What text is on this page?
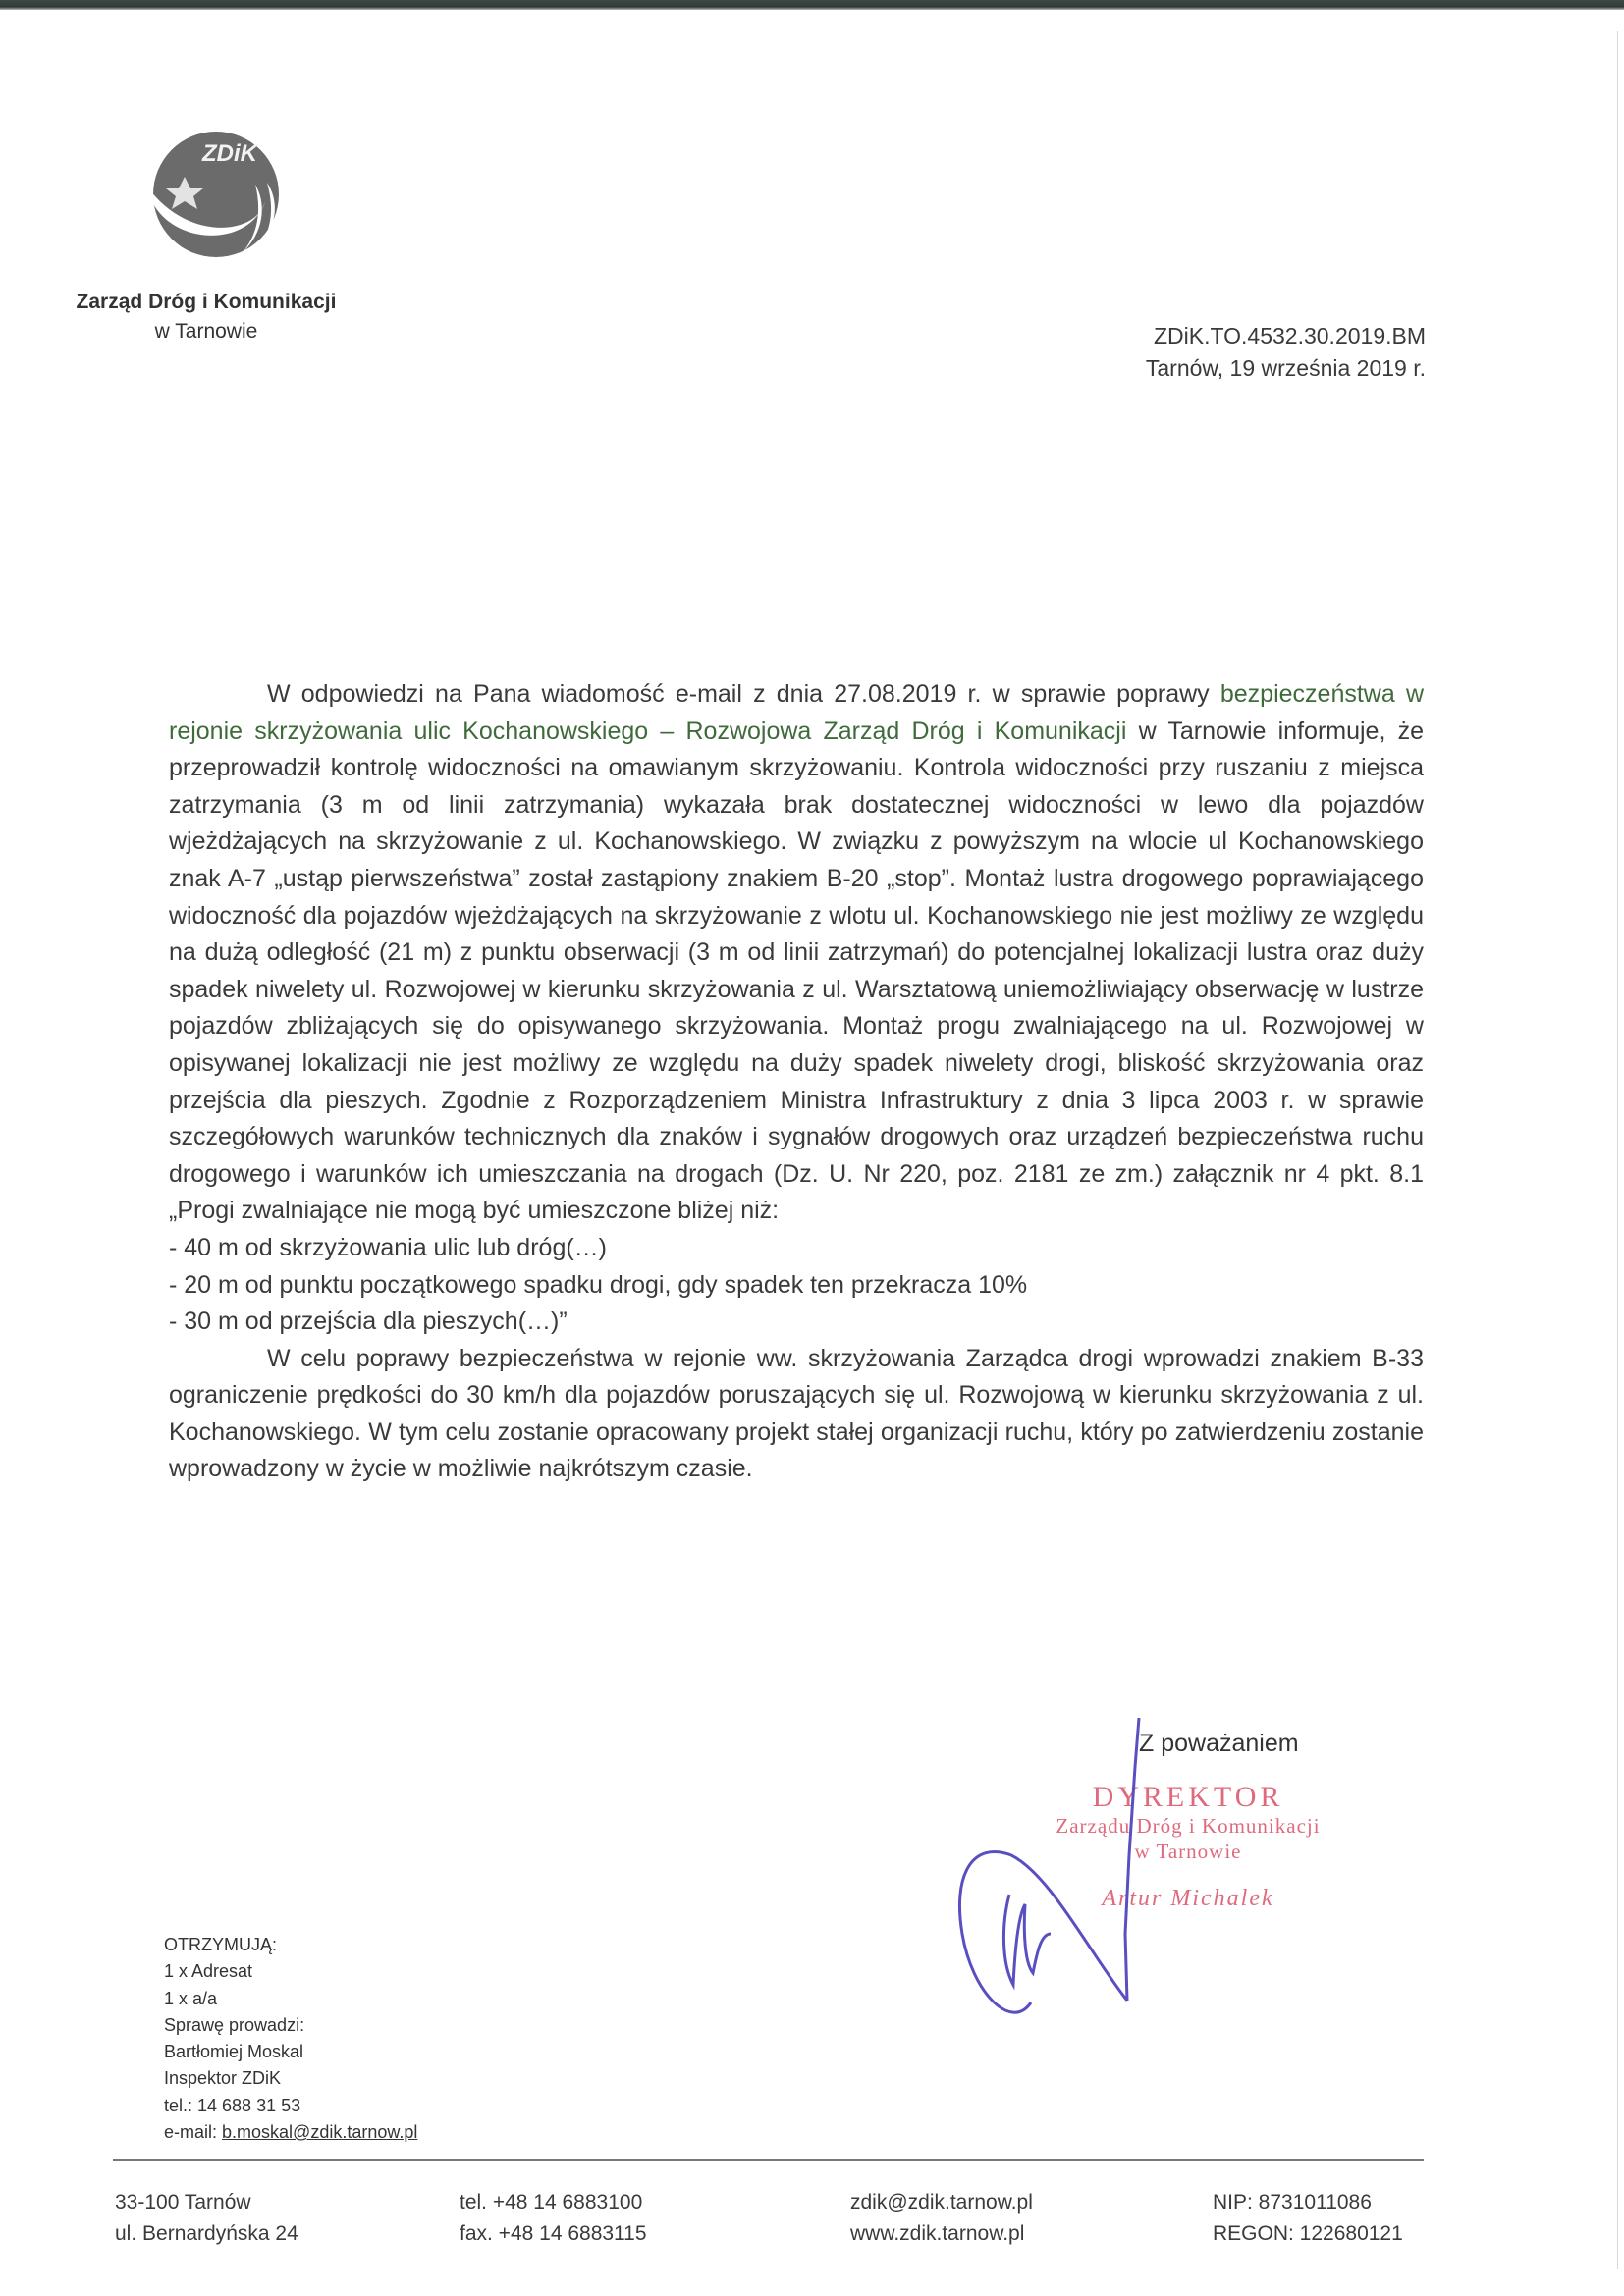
ZDiK
Zarząd Dróg i Komunikacji
w Tarnowie	ZDiK.TO.4532.30.2019.BM
Tarnów, 19 września 2019 r.

W odpowiedzi na Pana wiadomość e-mail z dnia 27.08.2019 r. w sprawie poprawy bezpieczeństwa w rejonie skrzyżowania ulic Kochanowskiego – Rozwojowa Zarząd Dróg i Komunikacji w Tarnowie informuje, że przeprowadził kontrolę widoczności na omawianym skrzyżowaniu. Kontrola widoczności przy ruszaniu z miejsca zatrzymania (3 m od linii zatrzymania) wykazała brak dostatecznej widoczności w lewo dla pojazdów wjeżdżających na skrzyżowanie z ul. Kochanowskiego. W związku z powyższym na wlocie ul Kochanowskiego znak A-7 „ustąp pierwszeństwa” został zastąpiony znakiem B-20 „stop”. Montaż lustra drogowego poprawiającego widoczność dla pojazdów wjeżdżających na skrzyżowanie z wlotu ul. Kochanowskiego nie jest możliwy ze względu na dużą odległość (21 m) z punktu obserwacji (3 m od linii zatrzymań) do potencjalnej lokalizacji lustra oraz duży spadek niwelety ul. Rozwojowej w kierunku skrzyżowania z ul. Warsztatową uniemożliwiający obserwację w lustrze pojazdów zbliżających się do opisywanego skrzyżowania. Montaż progu zwalniającego na ul. Rozwojowej w opisywanej lokalizacji nie jest możliwy ze względu na duży spadek niwelety drogi, bliskość skrzyżowania oraz przejścia dla pieszych. Zgodnie z Rozporządzeniem Ministra Infrastruktury z dnia 3 lipca 2003 r. w sprawie szczegółowych warunków technicznych dla znaków i sygnałów drogowych oraz urządzeń bezpieczeństwa ruchu drogowego i warunków ich umieszczania na drogach (Dz. U. Nr 220, poz. 2181 ze zm.) załącznik nr 4 pkt. 8.1 „Progi zwalniające nie mogą być umieszczone bliżej niż:

- 40 m od skrzyżowania ulic lub dróg(…)

- 20 m od punktu początkowego spadku drogi, gdy spadek ten przekracza 10%

- 30 m od przejścia dla pieszych(…)”

W celu poprawy bezpieczeństwa w rejonie ww. skrzyżowania Zarządca drogi wprowadzi znakiem B-33 ograniczenie prędkości do 30 km/h dla pojazdów poruszających się ul. Rozwojową w kierunku skrzyżowania z ul. Kochanowskiego. W tym celu zostanie opracowany projekt stałej organizacji ruchu, który po zatwierdzeniu zostanie wprowadzony w życie w możliwie najkrótszym czasie.

Z poważaniem
DYREKTOR
Zarządu Dróg i Komunikacji
w Tarnowie
Artur Michalek
OTRZYMUJĄ:
1 x Adresat
1 x a/a
Sprawę prowadzi:
Bartłomiej Moskal
Inspektor ZDiK
tel.: 14 688 31 53
e-mail: b.moskal@zdik.tarnow.pl
33-100 Tarnów
ul. Bernardyńska 24
tel. +48 14 6883100
fax. +48 14 6883115
zdik@zdik.tarnow.pl
www.zdik.tarnow.pl
NIP: 8731011086
REGON: 122680121
